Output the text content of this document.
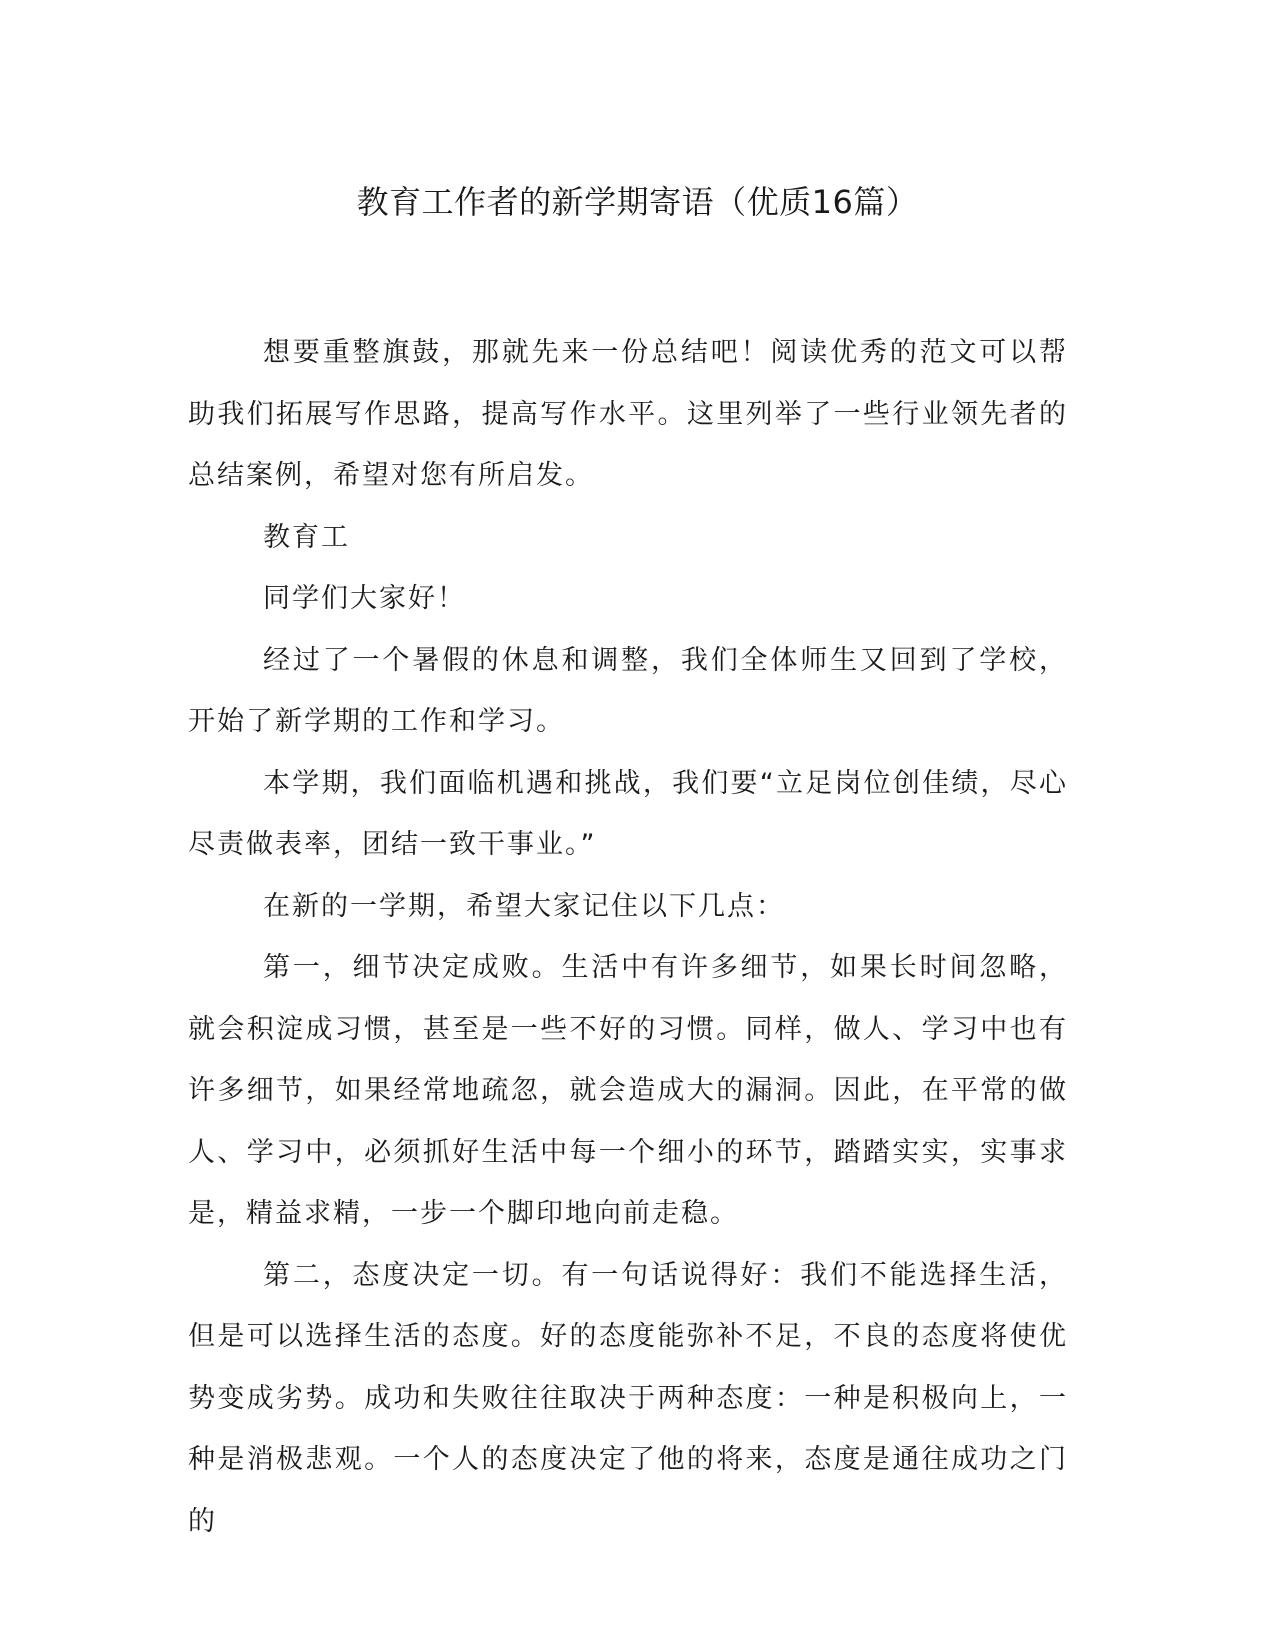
教育工作者的新学期寄语（优质16篇）

想要重整旗鼓，那就先来一份总结吧！阅读优秀的范文可以帮助我们拓展写作思路，提高写作水平。这里列举了一些行业领先者的总结案例，希望对您有所启发。

教育工

同学们大家好！

经过了一个暑假的休息和调整，我们全体师生又回到了学校，开始了新学期的工作和学习。

本学期，我们面临机遇和挑战，我们要“立足岗位创佳绩，尽心尽责做表率，团结一致干事业。”

在新的一学期，希望大家记住以下几点：

第一，细节决定成败。生活中有许多细节，如果长时间忽略，就会积淀成习惯，甚至是一些不好的习惯。同样，做人、学习中也有许多细节，如果经常地疏忽，就会造成大的漏洞。因此，在平常的做人、学习中，必须抓好生活中每一个细小的环节，踏踏实实，实事求是，精益求精，一步一个脚印地向前走稳。

第二，态度决定一切。有一句话说得好：我们不能选择生活，但是可以选择生活的态度。好的态度能弥补不足，不良的态度将使优势变成劣势。成功和失败往往取决于两种态度：一种是积极向上，一种是消极悲观。一个人的态度决定了他的将来，态度是通往成功之门的
